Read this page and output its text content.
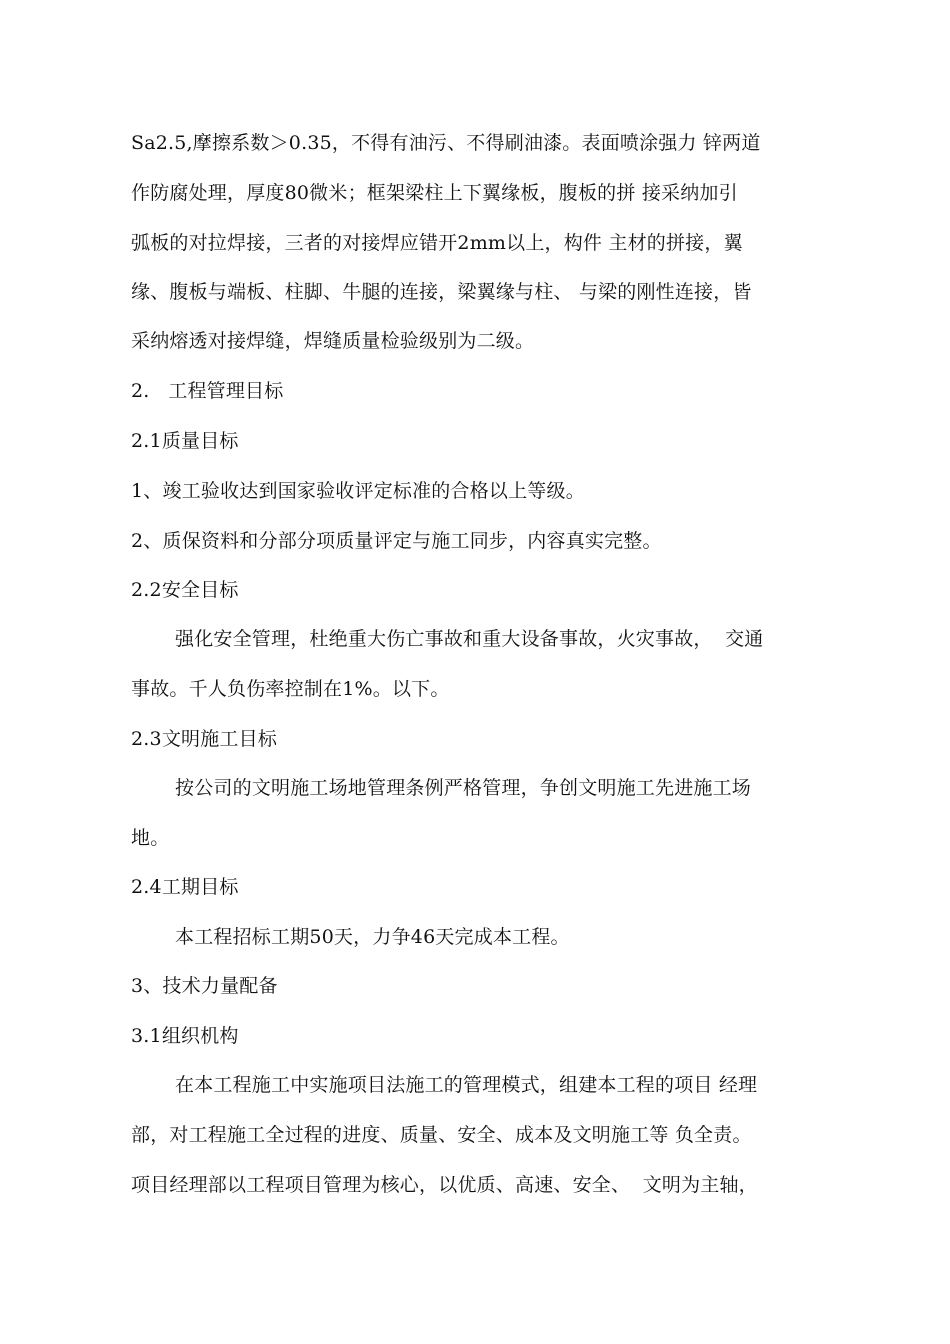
Sa2.5,摩擦系数＞0.35，不得有油污、不得刷油漆。表面喷涂强力 锌两道
作防腐处理，厚度80微米；框架梁柱上下翼缘板，腹板的拼 接采纳加引
弧板的对拉焊接，三者的对接焊应错开2mm以上，构件 主材的拼接，翼
缘、腹板与端板、柱脚、牛腿的连接，梁翼缘与柱、 与梁的刚性连接，皆
采纳熔透对接焊缝，焊缝质量检验级别为二级。
2.   工程管理目标
2.1质量目标
1、竣工验收达到国家验收评定标准的合格以上等级。
2、质保资料和分部分项质量评定与施工同步，内容真实完整。
2.2安全目标
强化安全管理，杜绝重大伤亡事故和重大设备事故，火灾事故，  交通
事故。千人负伤率控制在1%。以下。
2.3文明施工目标
按公司的文明施工场地管理条例严格管理，争创文明施工先进施工场
地。
2.4工期目标
本工程招标工期50天，力争46天完成本工程。
3、技术力量配备
3.1组织机构
在本工程施工中实施项目法施工的管理模式，组建本工程的项目 经理
部，对工程施工全过程的进度、质量、安全、成本及文明施工等 负全责。
项目经理部以工程项目管理为核心，以优质、高速、安全、  文明为主轴，
